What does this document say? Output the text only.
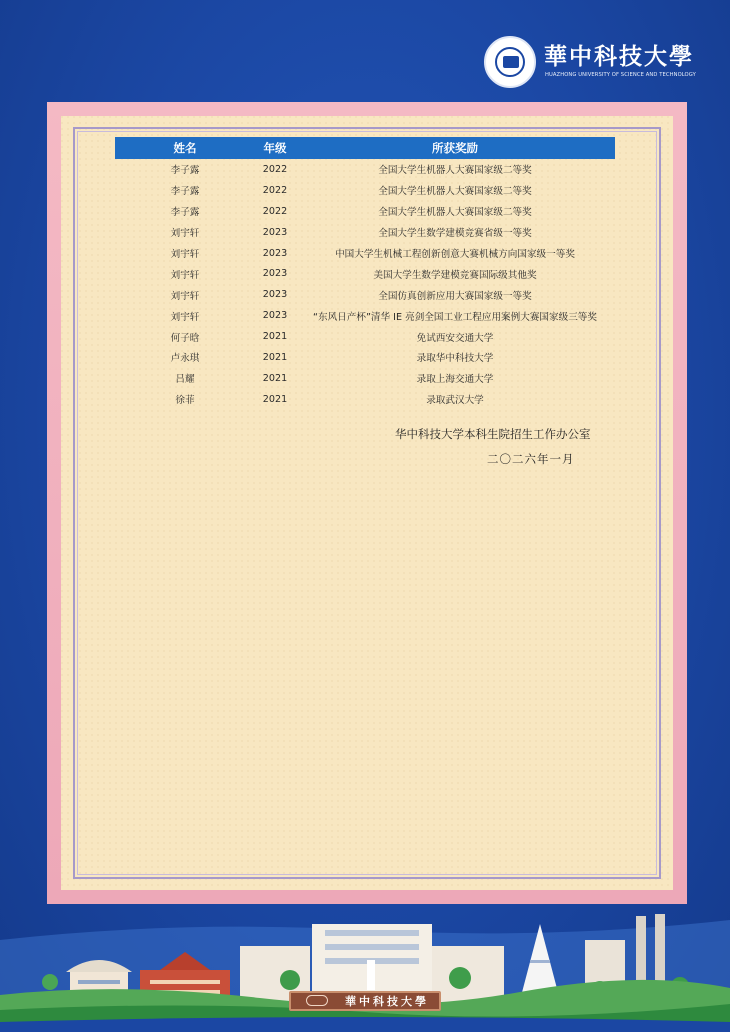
華中科技大學
HUAZHONG UNIVERSITY OF SCIENCE AND TECHNOLOGY
姓名	年级	所获奖励
李子露	2022	全国大学生机器人大赛国家级二等奖
李子露	2022	全国大学生机器人大赛国家级二等奖
李子露	2022	全国大学生机器人大赛国家级二等奖
刘宇轩	2023	全国大学生数学建模竞赛省级一等奖
刘宇轩	2023	中国大学生机械工程创新创意大赛机械方向国家级一等奖
刘宇轩	2023	美国大学生数学建模竞赛国际级其他奖
刘宇轩	2023	全国仿真创新应用大赛国家级一等奖
刘宇轩	2023	“东风日产杯”清华 IE 亮剑全国工业工程应用案例大赛国家级三等奖
何子晗	2021	免试西安交通大学
卢永琪	2021	录取华中科技大学
吕耀	2021	录取上海交通大学
徐菲	2021	录取武汉大学
华中科技大学本科生院招生工作办公室
二〇二六年一月
華中科技大學
